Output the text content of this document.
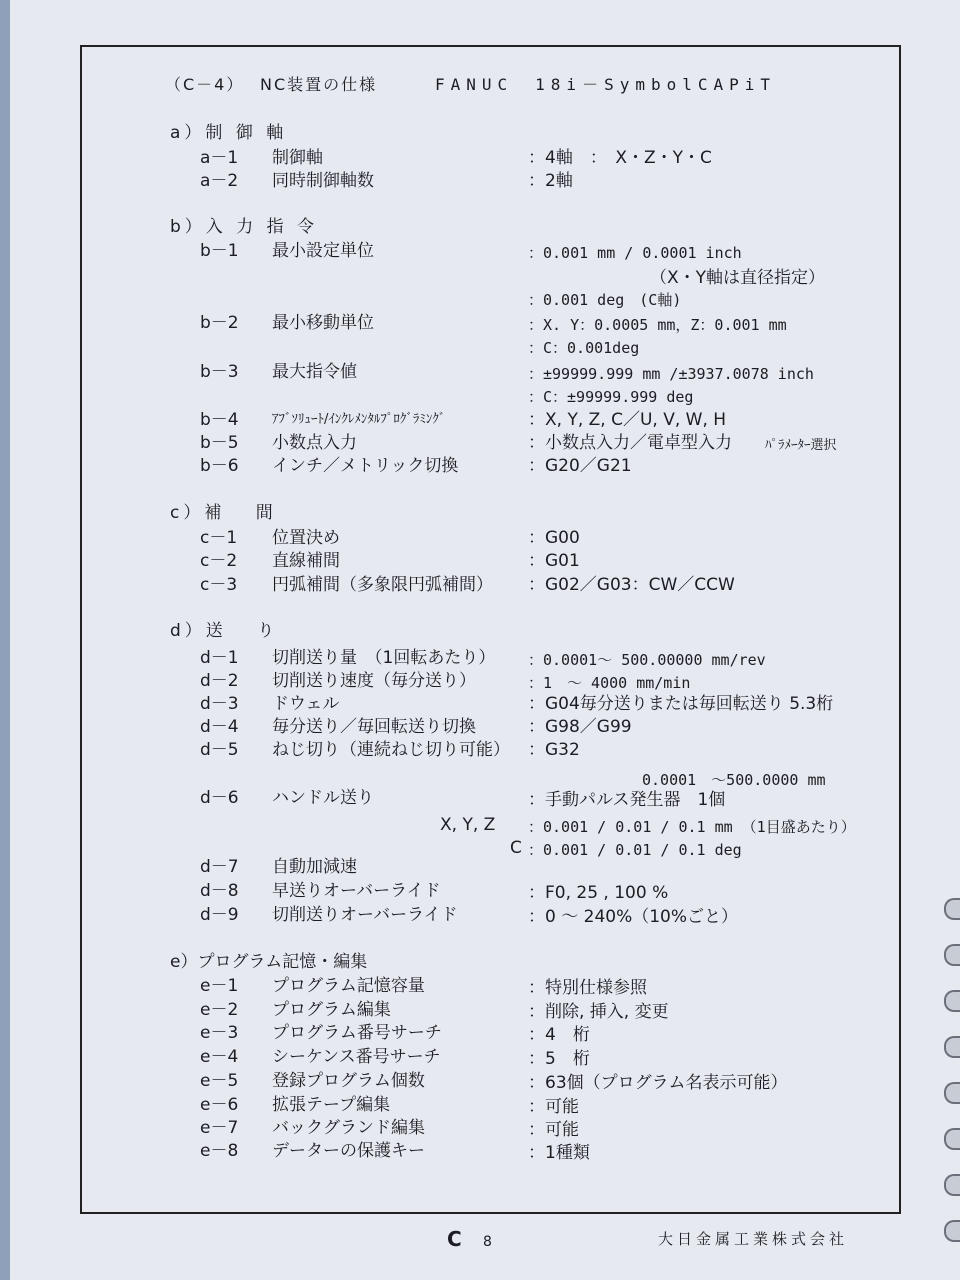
（C－4） NC装置の仕様	FANUC　18i－SymbolCAPiT
a）制 御 軸
a－1 制御軸	：4軸　：　X・Z・Y・C
a－2 同時制御軸数	：2軸
b）入 力 指 令
b－1 最小設定単位	：0.001 mm / 0.0001 inch
（X・Y軸は直径指定）
：0.001 deg　(C軸)
b－2 最小移動単位	：X. Y：0.0005 mm，Z：0.001 mm
：C：0.001deg
b－3 最大指令値	：±99999.999 mm /±3937.0078 inch
：C：±99999.999 deg
b－4	ｱﾌﾞｿﾘｭｰﾄ/ｲﾝｸﾚﾒﾝﾀﾙﾌﾟﾛｸﾞﾗﾐﾝｸﾞ	：X, Y, Z, C／U, V, W, H
b－5 小数点入力	：小数点入力／電卓型入力	ﾊﾟﾗﾒｰﾀｰ選択
b－6 インチ／メトリック切換	：G20／G21
c）補　 間
c－1 位置決め	：G00
c－2 直線補間	：G01
c－3 円弧補間（多象限円弧補間） ：G02／G03：CW／CCW
d）送　 り
d－1 切削送り量　（1回転あたり） ：0.0001～ 500.00000 mm/rev
d－2 切削送り速度（毎分送り）	：1　～ 4000 mm/min
d－3 ドウェル	：G04毎分送りまたは毎回転送り 5.3桁
d－4 毎分送り／毎回転送り切換	：G98／G99
d－5 ねじ切り（連続ねじ切り可能） ：G32
0.0001　～500.0000 mm
d－6 ハンドル送り	：手動パルス発生器　1個
X, Y, Z ：0.001 / 0.01 / 0.1 mm （1目盛あたり）
C ：0.001 / 0.01 / 0.1 deg
d－7 自動加減速
d－8 早送りオーバーライド	：F0, 25 , 100 %
d－9 切削送りオーバーライド	：0 ～ 240%（10%ごと）
e）プログラム記憶・編集
e－1 プログラム記憶容量	：特別仕様参照
e－2 プログラム編集	：削除, 挿入, 変更
e－3 プログラム番号サーチ	：4　桁
e－4 シーケンス番号サーチ	：5　桁
e－5 登録プログラム個数	：63個（プログラム名表示可能）
e－6 拡張テープ編集	：可能
e－7 バックグランド編集	：可能
e－8 データーの保護キー	：1種類
C 8	大日金属工業株式会社
